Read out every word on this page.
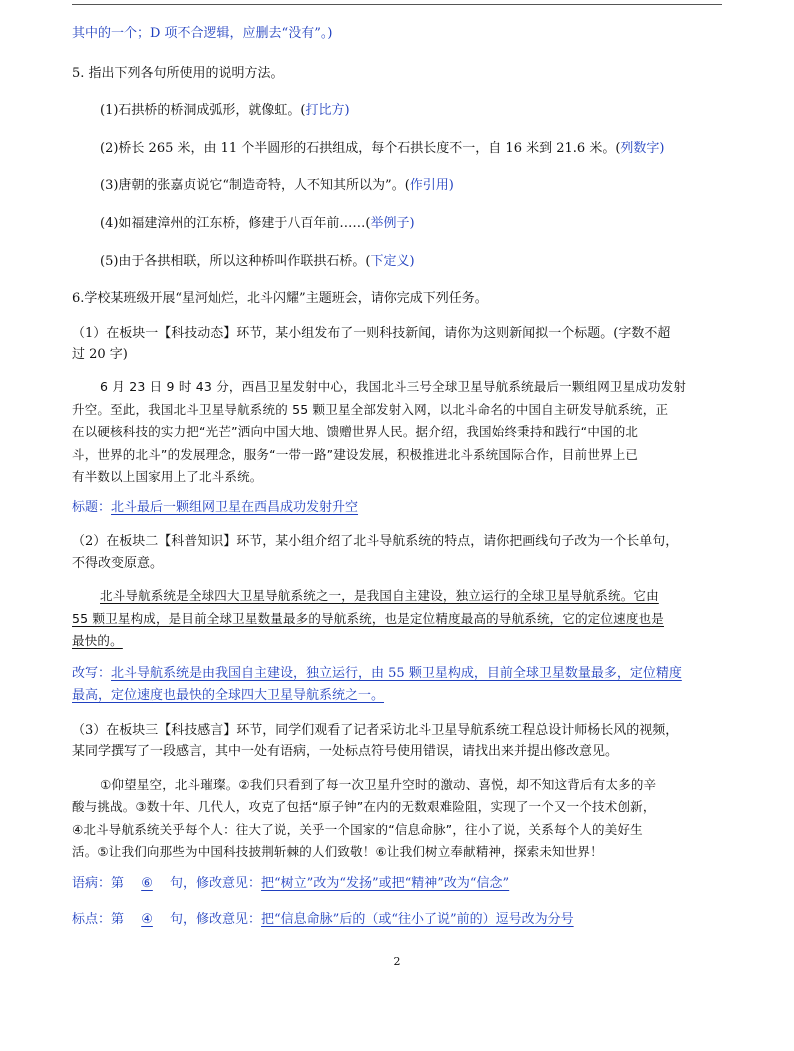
其中的一个；D 项不合逻辑，应删去“没有”。)
5. 指出下列各句所使用的说明方法。
(1)石拱桥的桥洞成弧形，就像虹。(打比方)
(2)桥长 265 米，由 11 个半圆形的石拱组成，每个石拱长度不一，自 16 米到 21.6 米。(列数字)
(3)唐朝的张嘉贞说它“制造奇特，人不知其所以为”。(作引用)
(4)如福建漳州的江东桥，修建于八百年前……(举例子)
(5)由于各拱相联，所以这种桥叫作联拱石桥。(下定义)
6.学校某班级开展“星河灿烂，北斗闪耀”主题班会，请你完成下列任务。
（1）在板块一【科技动态】环节，某小组发布了一则科技新闻，请你为这则新闻拟一个标题。(字数不超
过 20 字)
6 月 23 日 9 时 43 分，西昌卫星发射中心，我国北斗三号全球卫星导航系统最后一颗组网卫星成功发射
升空。至此，我国北斗卫星导航系统的 55 颗卫星全部发射入网，以北斗命名的中国自主研发导航系统，正
在以硬核科技的实力把“光芒”洒向中国大地、馈赠世界人民。据介绍，我国始终秉持和践行“中国的北
斗，世界的北斗”的发展理念，服务“一带一路”建设发展，积极推进北斗系统国际合作，目前世界上已
有半数以上国家用上了北斗系统。
标题：北斗最后一颗组网卫星在西昌成功发射升空
（2）在板块二【科普知识】环节，某小组介绍了北斗导航系统的特点，请你把画线句子改为一个长单句，
不得改变原意。
北斗导航系统是全球四大卫星导航系统之一，是我国自主建设，独立运行的全球卫星导航系统。它由
55 颗卫星构成，是目前全球卫星数量最多的导航系统，也是定位精度最高的导航系统，它的定位速度也是
最快的。
改写：北斗导航系统是由我国自主建设，独立运行，由 55 颗卫星构成，目前全球卫星数量最多，定位精度
最高，定位速度也最快的全球四大卫星导航系统之一。
（3）在板块三【科技感言】环节，同学们观看了记者采访北斗卫星导航系统工程总设计师杨长风的视频，
某同学撰写了一段感言，其中一处有语病，一处标点符号使用错误，请找出来并提出修改意见。
①仰望星空，北斗璀璨。②我们只看到了每一次卫星升空时的激动、喜悦，却不知这背后有太多的辛
酸与挑战。③数十年、几代人，攻克了包括“原子钟”在内的无数艰难险阻，实现了一个又一个技术创新，
④北斗导航系统关乎每个人：往大了说，关乎一个国家的“信息命脉”，往小了说，关系每个人的美好生
活。⑤让我们向那些为中国科技披荆斩棘的人们致敬！⑥让我们树立奉献精神，探索未知世界！
语病：第 ⑥ 句，修改意见：把“树立”改为“发扬”或把“精神”改为“信念”
标点：第 ④ 句，修改意见：把“信息命脉”后的（或“往小了说”前的）逗号改为分号
2
